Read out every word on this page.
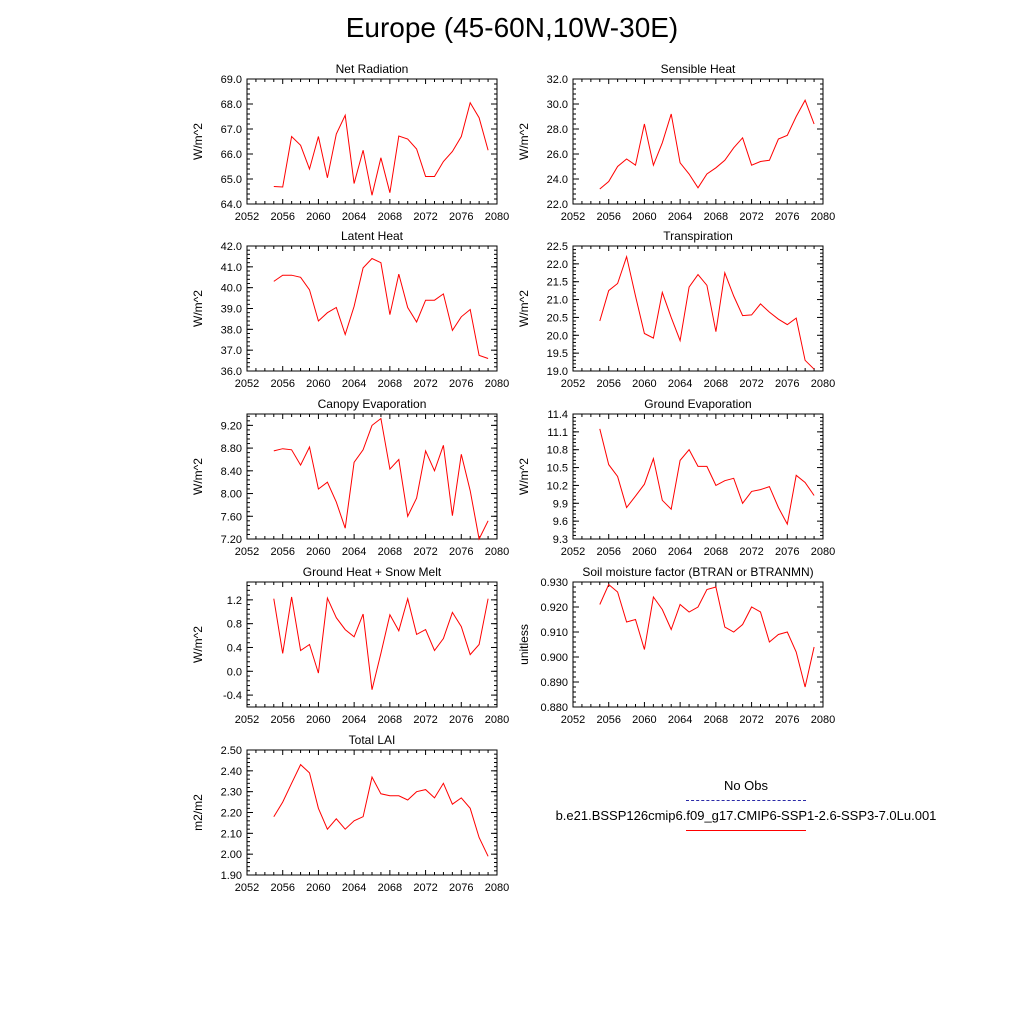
2052 2056 2060 2064 2068 2072 2076 2080
64.0
65.0
66.0
67.0
68.0
69.0
Net Radiation
W/m^2
2052 2056 2060 2064 2068 2072 2076 2080
22.0
24.0
26.0
28.0
30.0
32.0
Sensible Heat
W/m^2
2052 2056 2060 2064 2068 2072 2076 2080
36.0
37.0
38.0
39.0
40.0
41.0
42.0
Latent Heat
W/m^2
2052 2056 2060 2064 2068 2072 2076 2080
19.0
19.5
20.0
20.5
21.0
21.5
22.0
22.5
Transpiration
W/m^2
2052 2056 2060 2064 2068 2072 2076 2080
7.20
7.60
8.00
8.40
8.80
9.20
Canopy Evaporation
W/m^2
2052 2056 2060 2064 2068 2072 2076 2080
9.3
9.6
9.9
10.2
10.5
10.8
11.1
11.4
Ground Evaporation
W/m^2
2052 2056 2060 2064 2068 2072 2076 2080
-0.4
0.0
0.4
0.8
1.2
Ground Heat + Snow Melt
W/m^2
2052 2056 2060 2064 2068 2072 2076 2080
0.880
0.890
0.900
0.910
0.920
0.930
Soil moisture factor (BTRAN or BTRANMN)
unitless
2052 2056 2060 2064 2068 2072 2076 2080
1.90
2.00
2.10
2.20
2.30
2.40
2.50
Total LAI
m2/m2
Europe (45-60N,10W-30E)
No Obs
b.e21.BSSP126cmip6.f09_g17.CMIP6-SSP1-2.6-SSP3-7.0Lu.001
